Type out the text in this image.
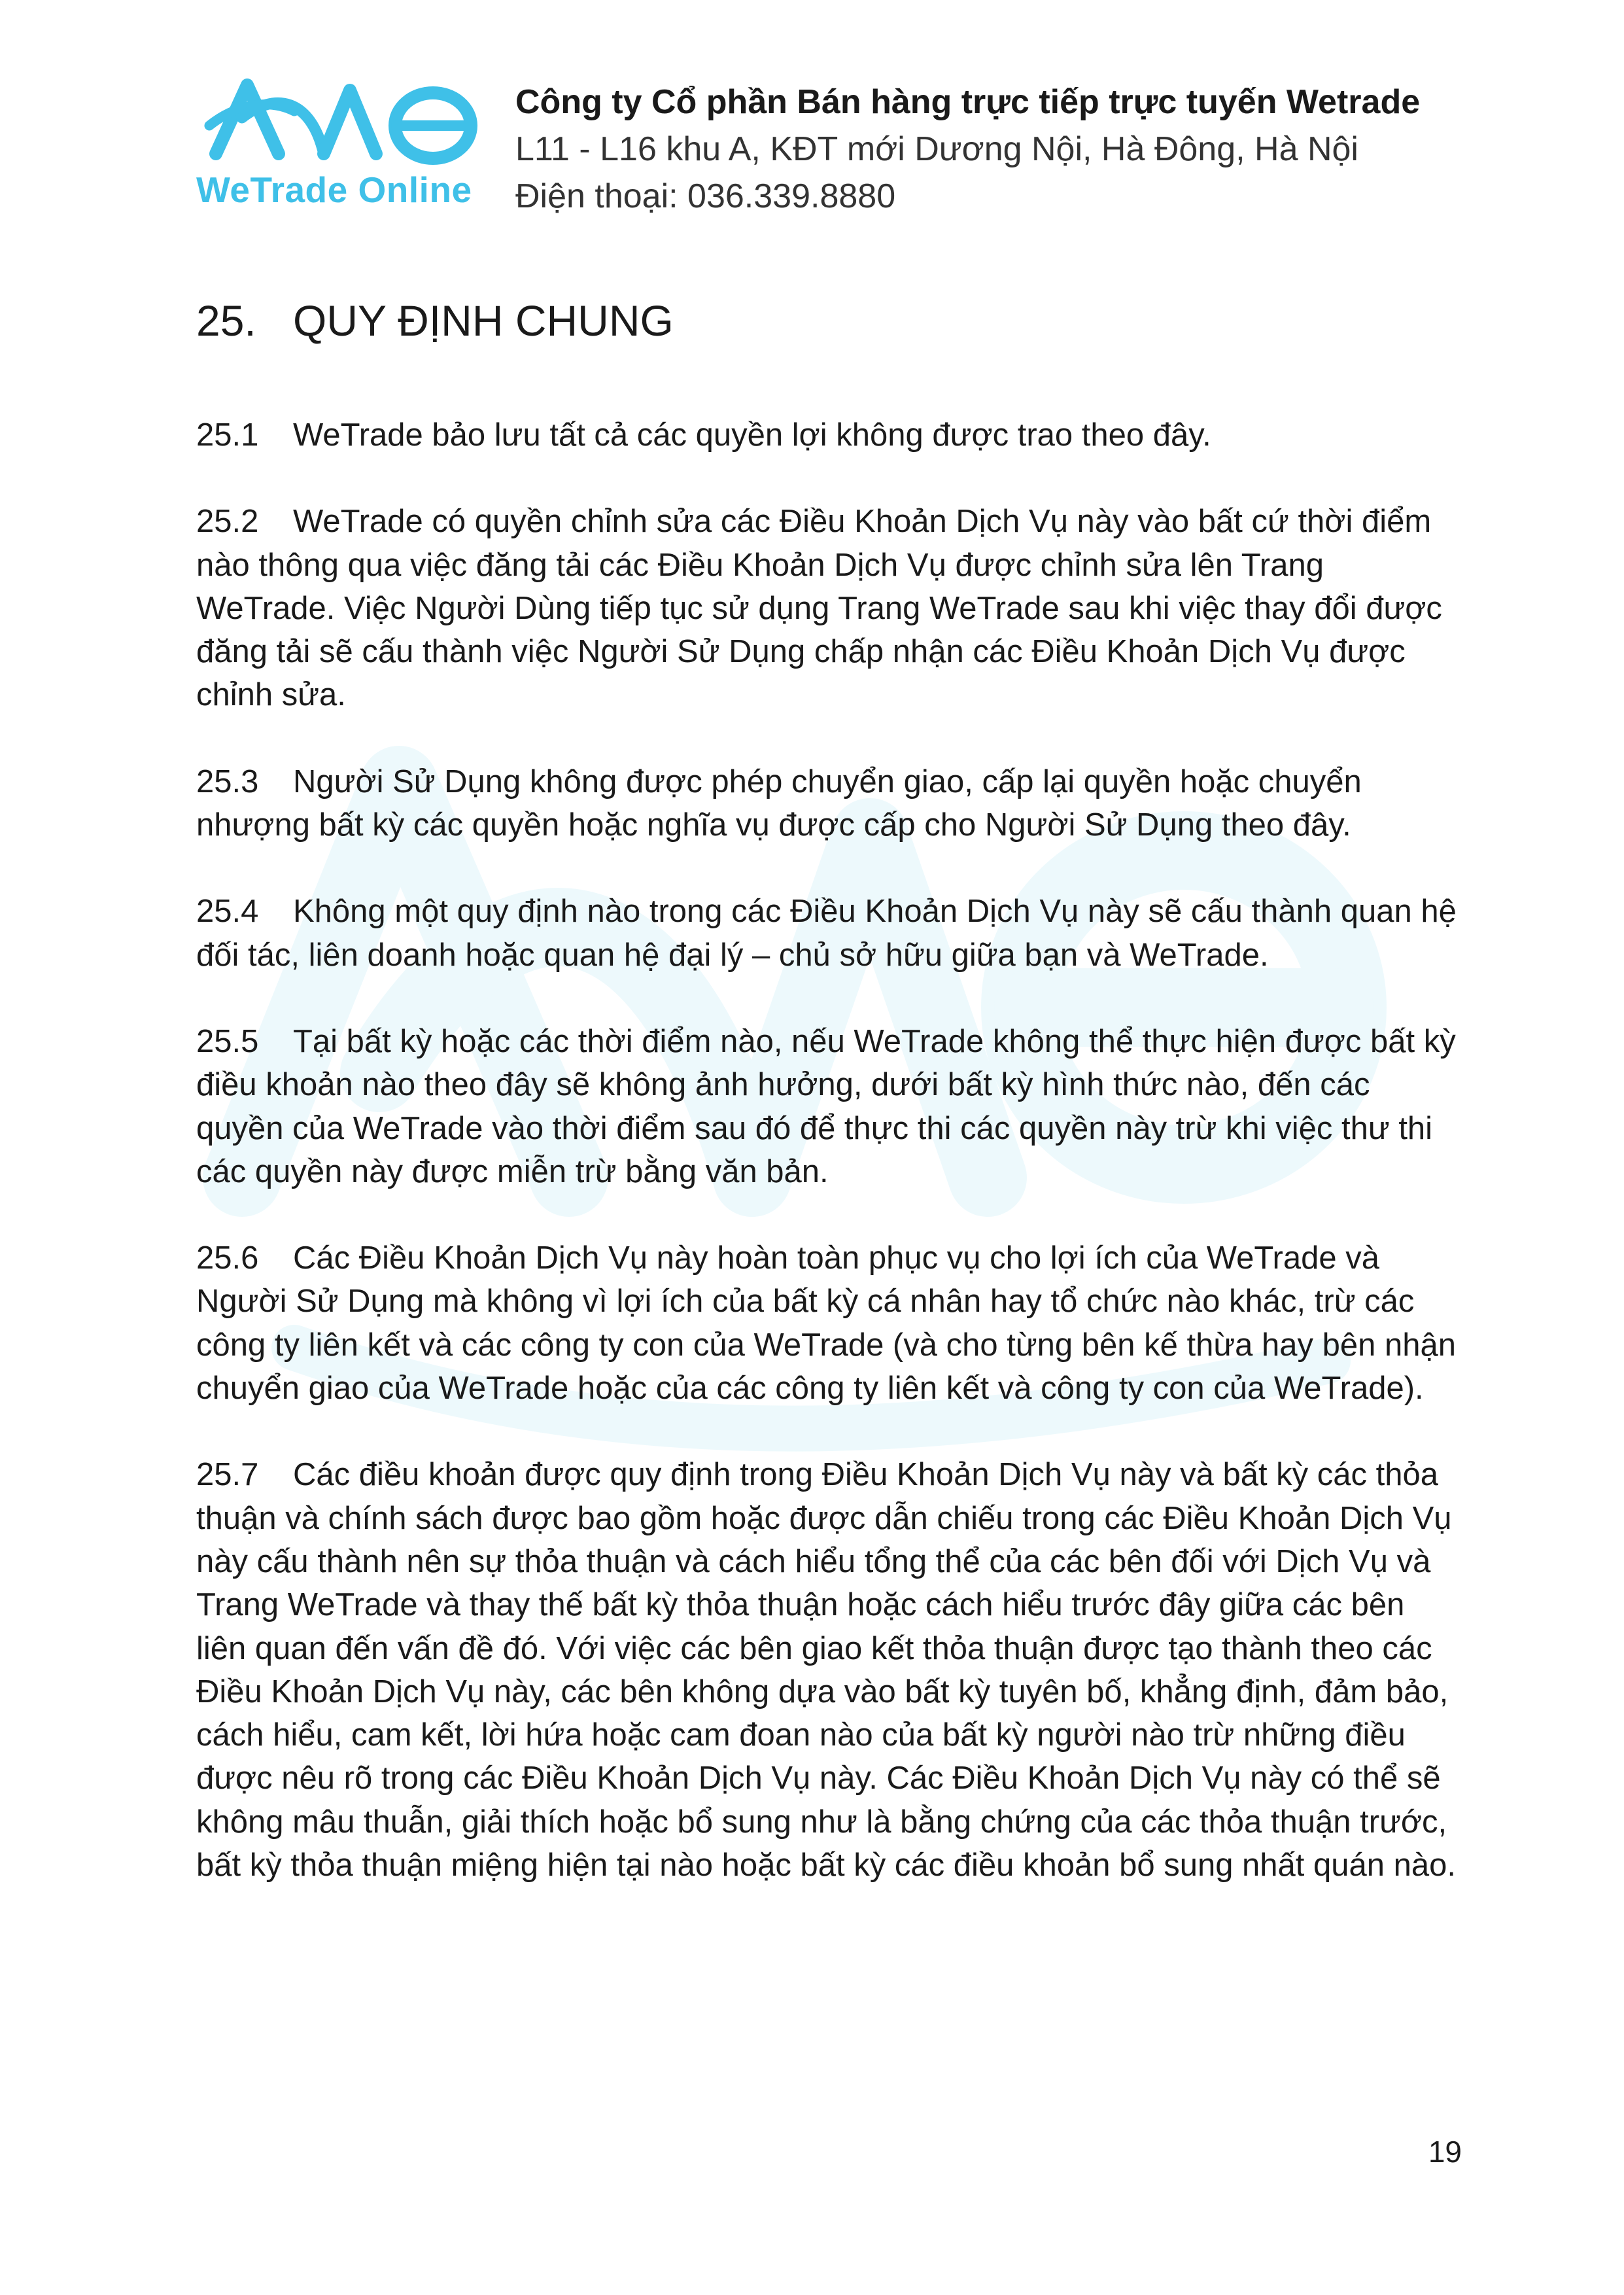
WeTrade Online
Công ty Cổ phần Bán hàng trực tiếp trực tuyến Wetrade
L11 - L16 khu A, KĐT mới Dương Nội, Hà Đông, Hà Nội
Điện thoại: 036.339.8880
25. QUY ĐỊNH CHUNG

25.1 WeTrade bảo lưu tất cả các quyền lợi không được trao theo đây.

25.2 WeTrade có quyền chỉnh sửa các Điều Khoản Dịch Vụ này vào bất cứ thời điểm nào thông qua việc đăng tải các Điều Khoản Dịch Vụ được chỉnh sửa lên Trang WeTrade. Việc Người Dùng tiếp tục sử dụng Trang WeTrade sau khi việc thay đổi được đăng tải sẽ cấu thành việc Người Sử Dụng chấp nhận các Điều Khoản Dịch Vụ được chỉnh sửa.

25.3 Người Sử Dụng không được phép chuyển giao, cấp lại quyền hoặc chuyển nhượng bất kỳ các quyền hoặc nghĩa vụ được cấp cho Người Sử Dụng theo đây.

25.4 Không một quy định nào trong các Điều Khoản Dịch Vụ này sẽ cấu thành quan hệ đối tác, liên doanh hoặc quan hệ đại lý – chủ sở hữu giữa bạn và WeTrade.

25.5 Tại bất kỳ hoặc các thời điểm nào, nếu WeTrade không thể thực hiện được bất kỳ điều khoản nào theo đây sẽ không ảnh hưởng, dưới bất kỳ hình thức nào, đến các quyền của WeTrade vào thời điểm sau đó để thực thi các quyền này trừ khi việc thư thi các quyền này được miễn trừ bằng văn bản.

25.6 Các Điều Khoản Dịch Vụ này hoàn toàn phục vụ cho lợi ích của WeTrade và Người Sử Dụng mà không vì lợi ích của bất kỳ cá nhân hay tổ chức nào khác, trừ các công ty liên kết và các công ty con của WeTrade (và cho từng bên kế thừa hay bên nhận chuyển giao của WeTrade hoặc của các công ty liên kết và công ty con của WeTrade).

25.7 Các điều khoản được quy định trong Điều Khoản Dịch Vụ này và bất kỳ các thỏa thuận và chính sách được bao gồm hoặc được dẫn chiếu trong các Điều Khoản Dịch Vụ này cấu thành nên sự thỏa thuận và cách hiểu tổng thể của các bên đối với Dịch Vụ và Trang WeTrade và thay thế bất kỳ thỏa thuận hoặc cách hiểu trước đây giữa các bên liên quan đến vấn đề đó. Với việc các bên giao kết thỏa thuận được tạo thành theo các Điều Khoản Dịch Vụ này, các bên không dựa vào bất kỳ tuyên bố, khẳng định, đảm bảo, cách hiểu, cam kết, lời hứa hoặc cam đoan nào của bất kỳ người nào trừ những điều được nêu rõ trong các Điều Khoản Dịch Vụ này. Các Điều Khoản Dịch Vụ này có thể sẽ không mâu thuẫn, giải thích hoặc bổ sung như là bằng chứng của các thỏa thuận trước, bất kỳ thỏa thuận miệng hiện tại nào hoặc bất kỳ các điều khoản bổ sung nhất quán nào.

19
